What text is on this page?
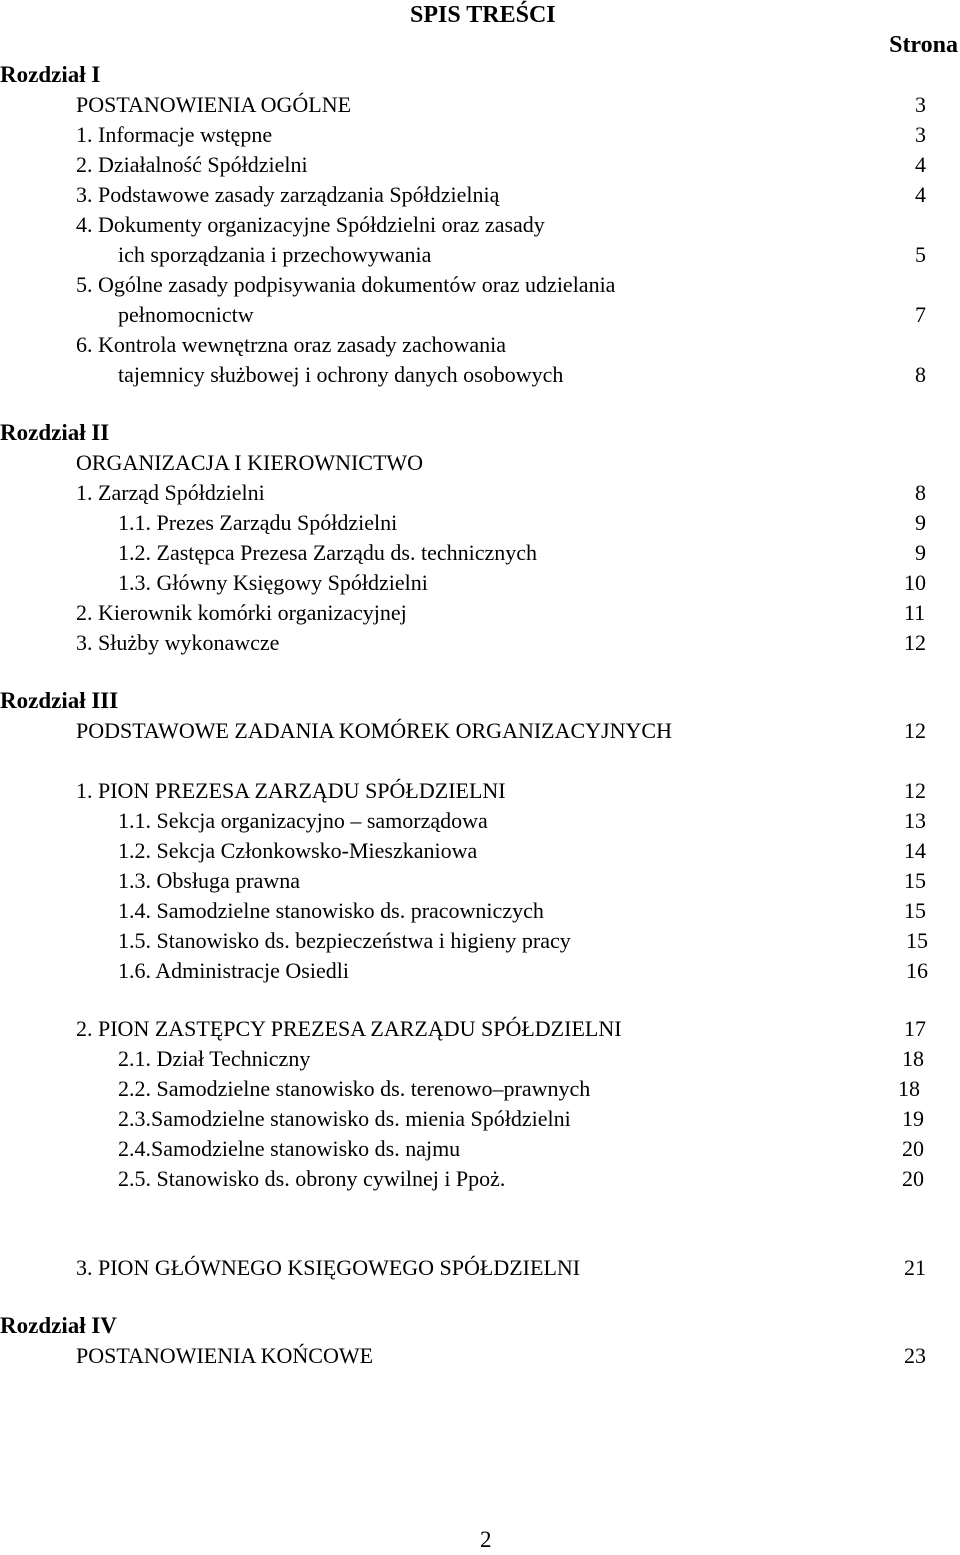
SPIS TREŚCI
Strona
Rozdział I
POSTANOWIENIA OGÓLNE	3
1. Informacje wstępne	3
2. Działalność Spółdzielni	4
3. Podstawowe zasady zarządzania Spółdzielnią	4
4. Dokumenty organizacyjne Spółdzielni oraz zasady
ich sporządzania i przechowywania	5
5. Ogólne zasady podpisywania dokumentów oraz udzielania
pełnomocnictw	7
6. Kontrola wewnętrzna oraz zasady zachowania
tajemnicy służbowej i ochrony danych osobowych	8
Rozdział II
ORGANIZACJA I KIEROWNICTWO
1. Zarząd Spółdzielni	8
1.1. Prezes Zarządu Spółdzielni	9
1.2. Zastępca Prezesa Zarządu ds. technicznych	9
1.3. Główny Księgowy Spółdzielni	10
2. Kierownik komórki organizacyjnej	11
3. Służby wykonawcze	12
Rozdział III
PODSTAWOWE ZADANIA KOMÓREK ORGANIZACYJNYCH	12
1. PION PREZESA ZARZĄDU SPÓŁDZIELNI	12
1.1. Sekcja organizacyjno – samorządowa	13
1.2. Sekcja Członkowsko-Mieszkaniowa	14
1.3. Obsługa prawna	15
1.4. Samodzielne stanowisko ds. pracowniczych	15
1.5. Stanowisko ds. bezpieczeństwa i higieny pracy	15
1.6. Administracje Osiedli	16
2. PION ZASTĘPCY PREZESA ZARZĄDU SPÓŁDZIELNI	17
2.1. Dział Techniczny	18
2.2. Samodzielne stanowisko ds. terenowo–prawnych	18
2.3.Samodzielne stanowisko ds. mienia Spółdzielni	19
2.4.Samodzielne stanowisko ds. najmu	20
2.5. Stanowisko ds. obrony cywilnej i Ppoż.	20
3. PION GŁÓWNEGO KSIĘGOWEGO SPÓŁDZIELNI	21
Rozdział IV
POSTANOWIENIA KOŃCOWE	23
2
